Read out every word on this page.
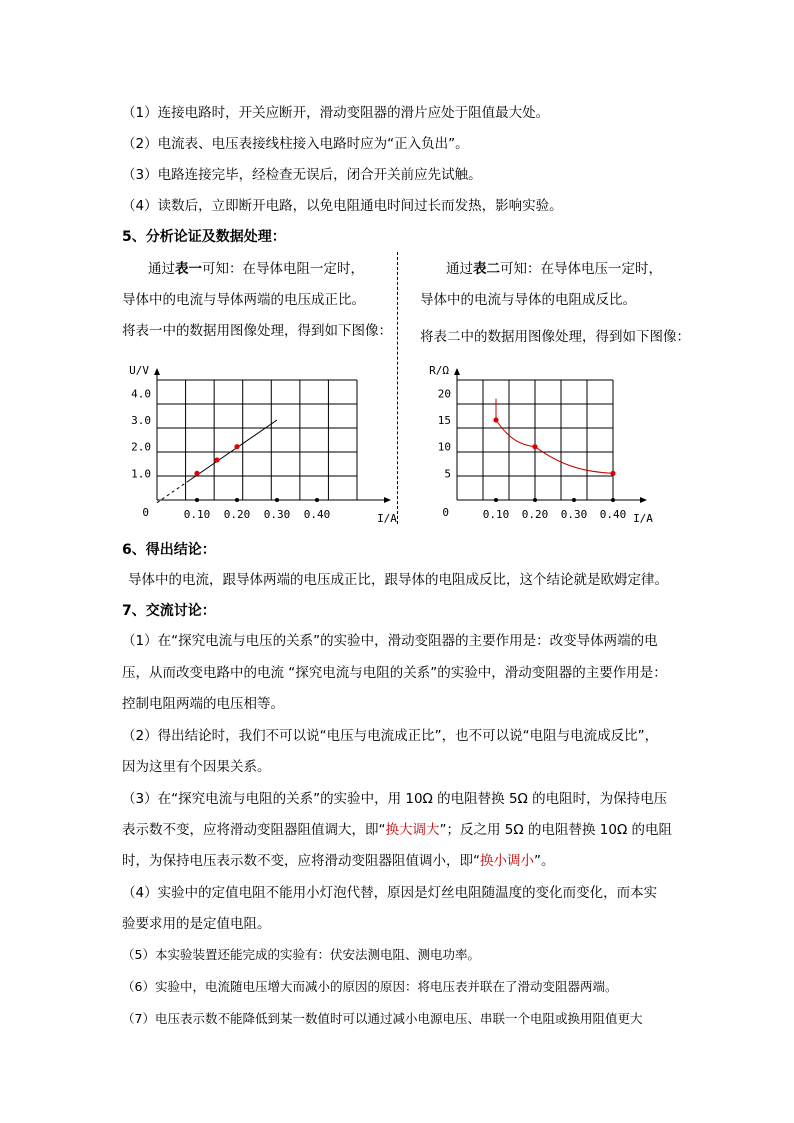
（1）连接电路时，开关应断开，滑动变阻器的滑片应处于阻值最大处。
（2）电流表、电压表接线柱接入电路时应为“正入负出”。
（3）电路连接完毕，经检查无误后，闭合开关前应先试触。
（4）读数后，立即断开电路，以免电阻通电时间过长而发热，影响实验。
5、分析论证及数据处理：
通过表一可知：在导体电阻一定时，
导体中的电流与导体两端的电压成正比。
将表一中的数据用图像处理，得到如下图像：
通过表二可知：在导体电压一定时，
导体中的电流与导体的电阻成反比。
将表二中的数据用图像处理，得到如下图像：
0.10 0.20 0.30 0.40
1.0
2.0
3.0
4.0
0	I/A
U/V
0.10 0.20 0.30 0.40
5
10
15
20
0	I/A
R/Ω
6、得出结论：
导体中的电流，跟导体两端的电压成正比，跟导体的电阻成反比，这个结论就是欧姆定律。
7、交流讨论：
（1）在“探究电流与电压的关系”的实验中，滑动变阻器的主要作用是：改变导体两端的电
压，从而改变电路中的电流 “探究电流与电阻的关系”的实验中，滑动变阻器的主要作用是：
控制电阻两端的电压相等。
（2）得出结论时，我们不可以说“电压与电流成正比”，也不可以说“电阻与电流成反比”，
因为这里有个因果关系。
（3）在“探究电流与电阻的关系”的实验中，用 10Ω 的电阻替换 5Ω 的电阻时，为保持电压
表示数不变，应将滑动变阻器阻值调大，即“换大调大”；反之用 5Ω 的电阻替换 10Ω 的电阻
时，为保持电压表示数不变，应将滑动变阻器阻值调小，即“换小调小”。
（4）实验中的定值电阻不能用小灯泡代替，原因是灯丝电阻随温度的变化而变化，而本实
验要求用的是定值电阻。
（5）本实验装置还能完成的实验有：伏安法测电阻、测电功率。
（6）实验中，电流随电压增大而减小的原因的原因：将电压表并联在了滑动变阻器两端。
（7）电压表示数不能降低到某一数值时可以通过减小电源电压、串联一个电阻或换用阻值更大
